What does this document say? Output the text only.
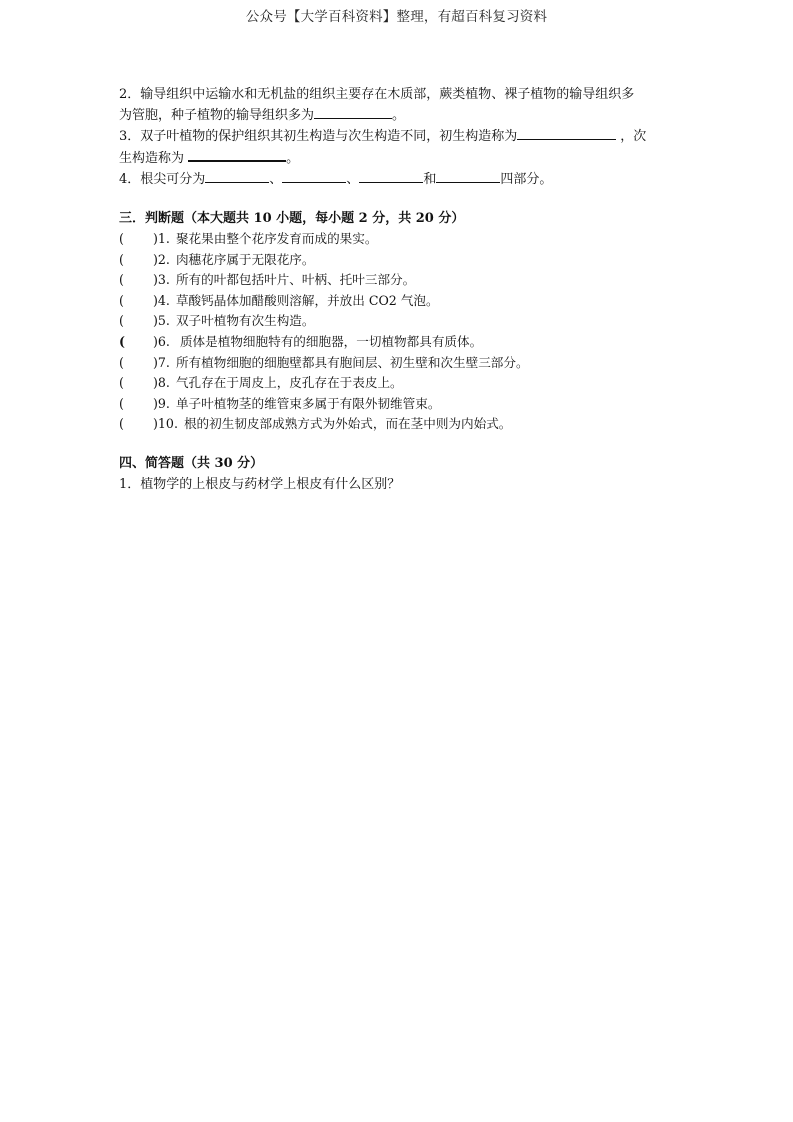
公众号【大学百科资料】整理，有超百科复习资料

2．输导组织中运输水和无机盐的组织主要存在木质部，蕨类植物、裸子植物的输导组织多
为管胞，种子植物的输导组织多为	。

3．双子叶植物的保护组织其初生构造与次生构造不同，初生构造称为	，次
生构造称为	。

4．根尖可分为	、	、	和	四部分。

三．判断题（本大题共 10 小题，每小题 2 分，共 20 分）
(	)1. 聚花果由整个花序发育而成的果实。
(	)2. 肉穗花序属于无限花序。
(	)3. 所有的叶都包括叶片、叶柄、托叶三部分。
(	)4. 草酸钙晶体加醋酸则溶解，并放出 CO2 气泡。
(	)5. 双子叶植物有次生构造。
(	)6. 质体是植物细胞特有的细胞器，一切植物都具有质体。
(	)7. 所有植物细胞的细胞壁都具有胞间层、初生壁和次生壁三部分。
(	)8. 气孔存在于周皮上，皮孔存在于表皮上。
(	)9. 单子叶植物茎的维管束多属于有限外韧维管束。
(	)10. 根的初生韧皮部成熟方式为外始式，而在茎中则为内始式。
四、简答题（共 30 分）

1．植物学的上根皮与药材学上根皮有什么区别？
